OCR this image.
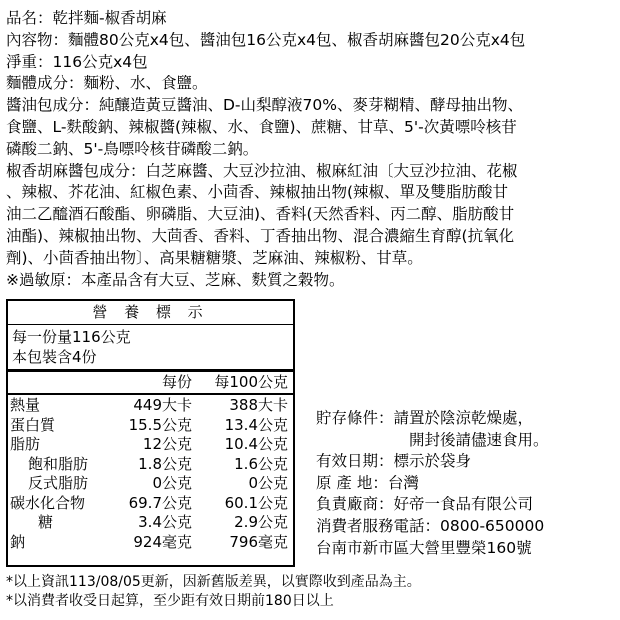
品名：乾拌麵-椒香胡麻
內容物：麵體80公克x4包、醬油包16公克x4包、椒香胡麻醬包20公克x4包
淨重：116公克x4包
麵體成分：麵粉、水、食鹽。
醬油包成分：純釀造黃豆醬油、D-山梨醇液70%、麥芽糊精、酵母抽出物、
食鹽、L-麩酸鈉、辣椒醬(辣椒、水、食鹽)、蔗糖、甘草、5'-次黃嘌呤核苷
磷酸二鈉、5'-鳥嘌呤核苷磷酸二鈉。
椒香胡麻醬包成分：白芝麻醬、大豆沙拉油、椒麻紅油〔大豆沙拉油、花椒
、辣椒、芥花油、紅椒色素、小茴香、辣椒抽出物(辣椒、單及雙脂肪酸甘
油二乙醯酒石酸酯、卵磷脂、大豆油)、香料(天然香料、丙二醇、脂肪酸甘
油酯)、辣椒抽出物、大茴香、香料、丁香抽出物、混合濃縮生育醇(抗氧化
劑)、小茴香抽出物〕、高果糖糖漿、芝麻油、辣椒粉、甘草。
※過敏原：本產品含有大豆、芝麻、麩質之穀物。
營 養 標 示
每一份量116公克
本包裝含4份
每份	每100公克
熱量	449大卡	388大卡
蛋白質	15.5公克	13.4公克
脂肪	12公克	10.4公克
飽和脂肪	1.8公克	1.6公克
反式脂肪	0公克	0公克
碳水化合物	69.7公克	60.1公克
糖	3.4公克	2.9公克
鈉	924毫克	796毫克
貯存條件：請置於陰涼乾燥處，
開封後請儘速食用。
有效日期：標示於袋身
原 產 地：台灣
負責廠商：好帝一食品有限公司
消費者服務電話：0800-650000
台南市新市區大營里豐榮160號
*以上資訊113/08/05更新，因新舊版差異，以實際收到產品為主。
*以消費者收受日起算，至少距有效日期前180日以上
